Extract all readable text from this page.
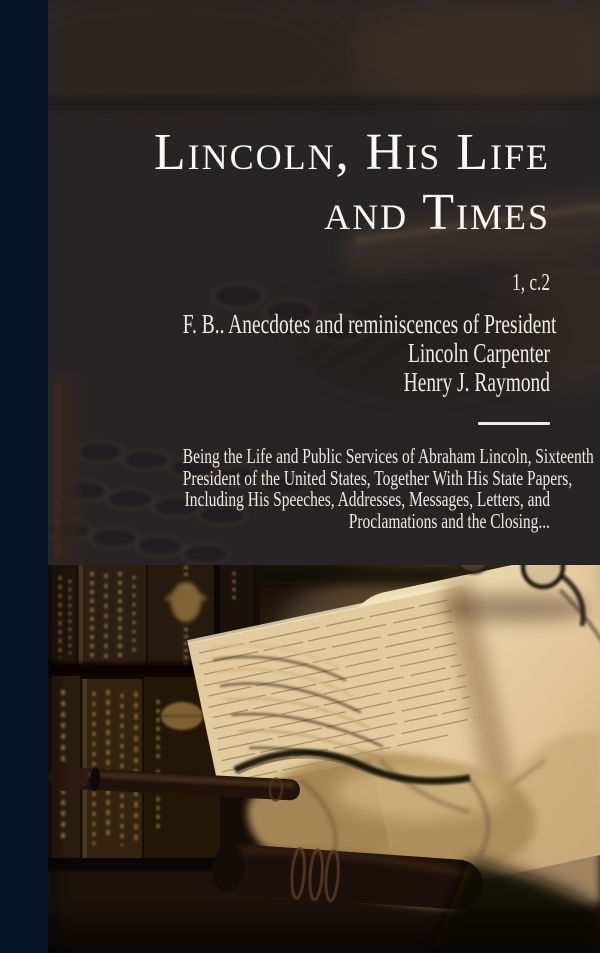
Lincoln, His Life
and Times
1, c.2
F. B.. Anecdotes and reminiscences of President
Lincoln Carpenter
Henry J. Raymond
Being the Life and Public Services of Abraham Lincoln, Sixteenth
President of the United States, Together With His State Papers,
Including His Speeches, Addresses, Messages, Letters, and
Proclamations and the Closing...
